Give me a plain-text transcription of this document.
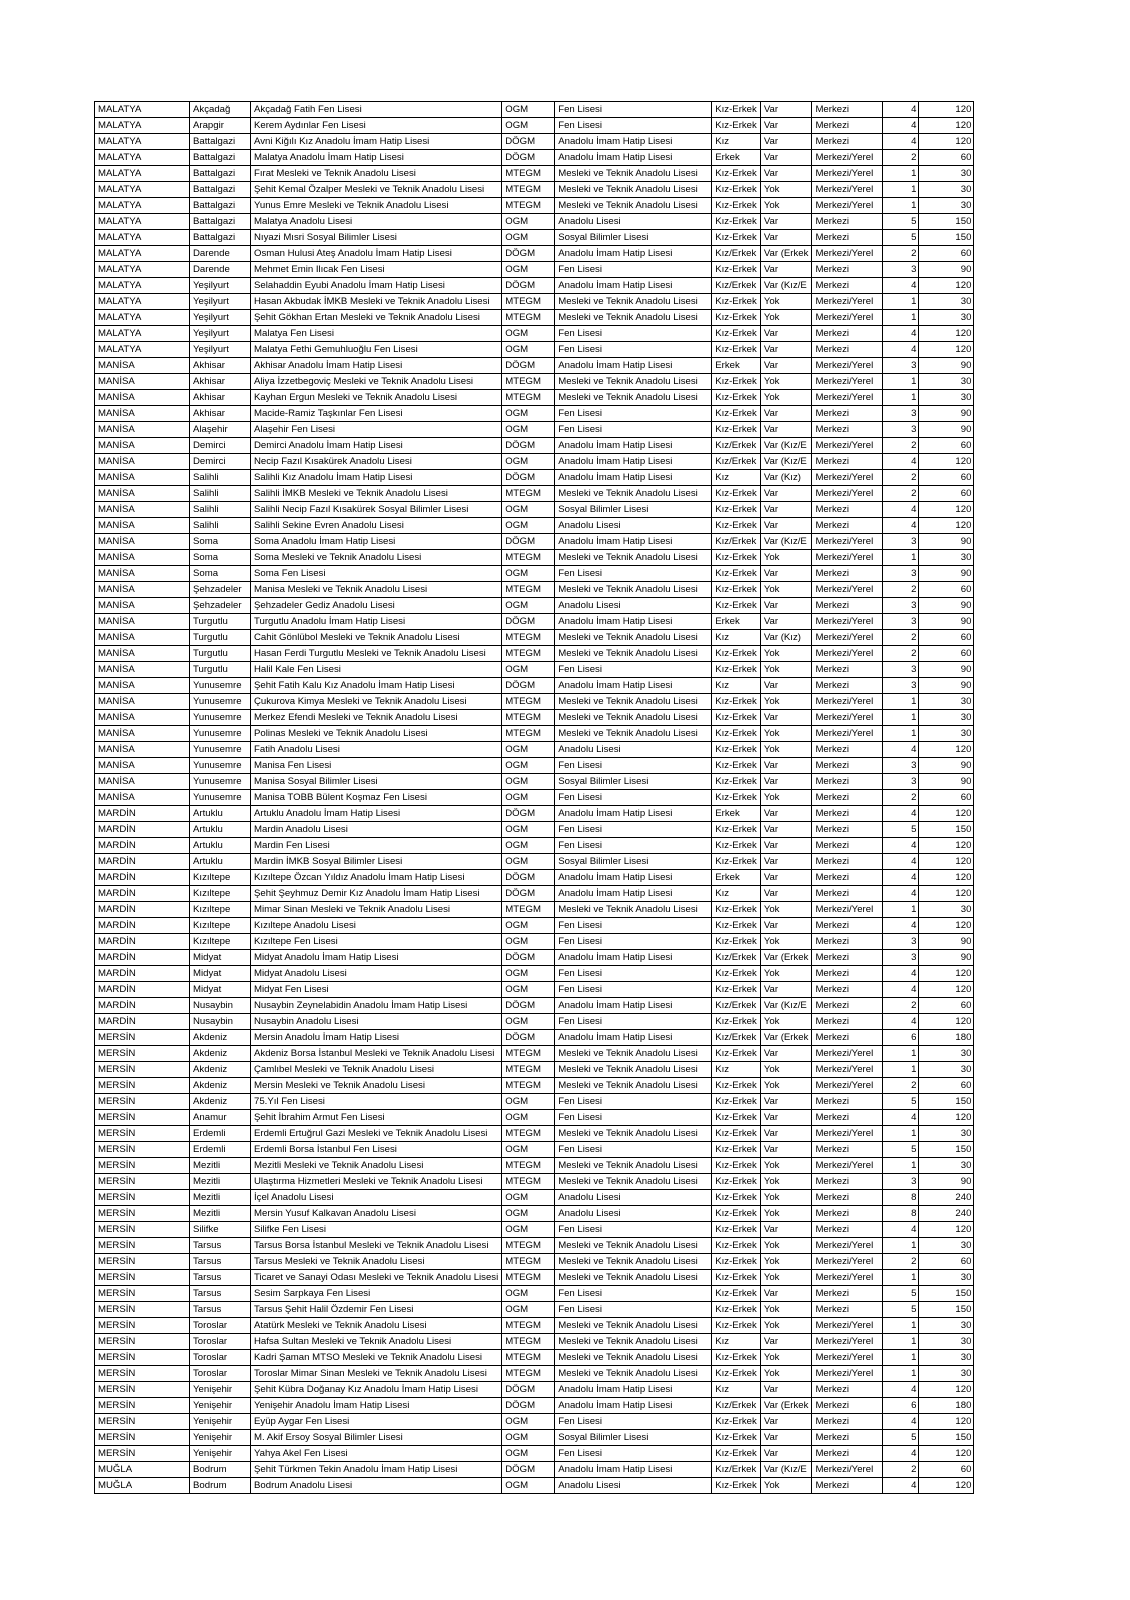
MALATYA	Akçadağ	Akçadağ Fatih Fen Lisesi	OGM	Fen Lisesi	Kız-Erkek	Var	Merkezi	4	120
MALATYA	Arapgir	Kerem Aydınlar Fen Lisesi	OGM	Fen Lisesi	Kız-Erkek	Var	Merkezi	4	120
MALATYA	Battalgazi	Avni Kiğılı Kız Anadolu İmam Hatip Lisesi	DÖGM	Anadolu İmam Hatip Lisesi	Kız	Var	Merkezi	4	120
MALATYA	Battalgazi	Malatya Anadolu İmam Hatip Lisesi	DÖGM	Anadolu İmam Hatip Lisesi	Erkek	Var	Merkezi/Yerel	2	60
MALATYA	Battalgazi	Fırat Mesleki ve Teknik Anadolu Lisesi	MTEGM	Mesleki ve Teknik Anadolu Lisesi	Kız-Erkek	Var	Merkezi/Yerel	1	30
MALATYA	Battalgazi	Şehit Kemal Özalper Mesleki ve Teknik Anadolu Lisesi	MTEGM	Mesleki ve Teknik Anadolu Lisesi	Kız-Erkek	Yok	Merkezi/Yerel	1	30
MALATYA	Battalgazi	Yunus Emre Mesleki ve Teknik Anadolu Lisesi	MTEGM	Mesleki ve Teknik Anadolu Lisesi	Kız-Erkek	Yok	Merkezi/Yerel	1	30
MALATYA	Battalgazi	Malatya Anadolu Lisesi	OGM	Anadolu Lisesi	Kız-Erkek	Var	Merkezi	5	150
MALATYA	Battalgazi	Nıyazi Mısri Sosyal Bilimler Lisesi	OGM	Sosyal Bilimler Lisesi	Kız-Erkek	Var	Merkezi	5	150
MALATYA	Darende	Osman Hulusi Ateş Anadolu İmam Hatip Lisesi	DÖGM	Anadolu İmam Hatip Lisesi	Kız/Erkek	Var (Erkek	Merkezi/Yerel	2	60
MALATYA	Darende	Mehmet Emin Ilıcak Fen Lisesi	OGM	Fen Lisesi	Kız-Erkek	Var	Merkezi	3	90
MALATYA	Yeşilyurt	Selahaddin Eyubi Anadolu İmam Hatip Lisesi	DÖGM	Anadolu İmam Hatip Lisesi	Kız/Erkek	Var (Kız/E	Merkezi	4	120
MALATYA	Yeşilyurt	Hasan Akbudak İMKB Mesleki ve Teknik Anadolu Lisesi	MTEGM	Mesleki ve Teknik Anadolu Lisesi	Kız-Erkek	Yok	Merkezi/Yerel	1	30
MALATYA	Yeşilyurt	Şehit Gökhan Ertan Mesleki ve Teknik Anadolu Lisesi	MTEGM	Mesleki ve Teknik Anadolu Lisesi	Kız-Erkek	Yok	Merkezi/Yerel	1	30
MALATYA	Yeşilyurt	Malatya Fen Lisesi	OGM	Fen Lisesi	Kız-Erkek	Var	Merkezi	4	120
MALATYA	Yeşilyurt	Malatya Fethi Gemuhluoğlu Fen Lisesi	OGM	Fen Lisesi	Kız-Erkek	Var	Merkezi	4	120
MANİSA	Akhisar	Akhisar Anadolu İmam Hatip Lisesi	DÖGM	Anadolu İmam Hatip Lisesi	Erkek	Var	Merkezi/Yerel	3	90
MANİSA	Akhisar	Aliya İzzetbegoviç Mesleki ve Teknik Anadolu Lisesi	MTEGM	Mesleki ve Teknik Anadolu Lisesi	Kız-Erkek	Yok	Merkezi/Yerel	1	30
MANİSA	Akhisar	Kayhan Ergun Mesleki ve Teknik Anadolu Lisesi	MTEGM	Mesleki ve Teknik Anadolu Lisesi	Kız-Erkek	Yok	Merkezi/Yerel	1	30
MANİSA	Akhisar	Macide-Ramiz Taşkınlar Fen Lisesi	OGM	Fen Lisesi	Kız-Erkek	Var	Merkezi	3	90
MANİSA	Alaşehir	Alaşehir Fen Lisesi	OGM	Fen Lisesi	Kız-Erkek	Var	Merkezi	3	90
MANİSA	Demirci	Demirci Anadolu İmam Hatip Lisesi	DÖGM	Anadolu İmam Hatip Lisesi	Kız/Erkek	Var (Kız/E	Merkezi/Yerel	2	60
MANİSA	Demirci	Necip Fazıl Kısakürek Anadolu Lisesi	OGM	Anadolu İmam Hatip Lisesi	Kız/Erkek	Var (Kız/E	Merkezi	4	120
MANİSA	Salihli	Salihli Kız Anadolu İmam Hatip Lisesi	DÖGM	Anadolu İmam Hatip Lisesi	Kız	Var (Kız)	Merkezi/Yerel	2	60
MANİSA	Salihli	Salihli İMKB Mesleki ve Teknik Anadolu Lisesi	MTEGM	Mesleki ve Teknik Anadolu Lisesi	Kız-Erkek	Var	Merkezi/Yerel	2	60
MANİSA	Salihli	Salihli Necip Fazıl Kısakürek Sosyal Bilimler Lisesi	OGM	Sosyal Bilimler Lisesi	Kız-Erkek	Var	Merkezi	4	120
MANİSA	Salihli	Salihli Sekine Evren Anadolu Lisesi	OGM	Anadolu Lisesi	Kız-Erkek	Var	Merkezi	4	120
MANİSA	Soma	Soma Anadolu İmam Hatip Lisesi	DÖGM	Anadolu İmam Hatip Lisesi	Kız/Erkek	Var (Kız/E	Merkezi/Yerel	3	90
MANİSA	Soma	Soma Mesleki ve Teknik Anadolu Lisesi	MTEGM	Mesleki ve Teknik Anadolu Lisesi	Kız-Erkek	Yok	Merkezi/Yerel	1	30
MANİSA	Soma	Soma Fen Lisesi	OGM	Fen Lisesi	Kız-Erkek	Var	Merkezi	3	90
MANİSA	Şehzadeler	Manisa Mesleki ve Teknik Anadolu Lisesi	MTEGM	Mesleki ve Teknik Anadolu Lisesi	Kız-Erkek	Yok	Merkezi/Yerel	2	60
MANİSA	Şehzadeler	Şehzadeler Gediz Anadolu Lisesi	OGM	Anadolu Lisesi	Kız-Erkek	Var	Merkezi	3	90
MANİSA	Turgutlu	Turgutlu Anadolu İmam Hatip Lisesi	DÖGM	Anadolu İmam Hatip Lisesi	Erkek	Var	Merkezi/Yerel	3	90
MANİSA	Turgutlu	Cahit Gönlübol Mesleki ve Teknik Anadolu Lisesi	MTEGM	Mesleki ve Teknik Anadolu Lisesi	Kız	Var (Kız)	Merkezi/Yerel	2	60
MANİSA	Turgutlu	Hasan Ferdi Turgutlu Mesleki ve Teknik Anadolu Lisesi	MTEGM	Mesleki ve Teknik Anadolu Lisesi	Kız-Erkek	Yok	Merkezi/Yerel	2	60
MANİSA	Turgutlu	Halil Kale Fen Lisesi	OGM	Fen Lisesi	Kız-Erkek	Yok	Merkezi	3	90
MANİSA	Yunusemre	Şehit Fatih Kalu Kız Anadolu İmam Hatip Lisesi	DÖGM	Anadolu İmam Hatip Lisesi	Kız	Var	Merkezi	3	90
MANİSA	Yunusemre	Çukurova Kimya Mesleki ve Teknik Anadolu Lisesi	MTEGM	Mesleki ve Teknik Anadolu Lisesi	Kız-Erkek	Yok	Merkezi/Yerel	1	30
MANİSA	Yunusemre	Merkez Efendi Mesleki ve Teknik Anadolu Lisesi	MTEGM	Mesleki ve Teknik Anadolu Lisesi	Kız-Erkek	Var	Merkezi/Yerel	1	30
MANİSA	Yunusemre	Polinas Mesleki ve Teknik Anadolu Lisesi	MTEGM	Mesleki ve Teknik Anadolu Lisesi	Kız-Erkek	Yok	Merkezi/Yerel	1	30
MANİSA	Yunusemre	Fatih Anadolu Lisesi	OGM	Anadolu Lisesi	Kız-Erkek	Yok	Merkezi	4	120
MANİSA	Yunusemre	Manisa Fen Lisesi	OGM	Fen Lisesi	Kız-Erkek	Var	Merkezi	3	90
MANİSA	Yunusemre	Manisa Sosyal Bilimler Lisesi	OGM	Sosyal Bilimler Lisesi	Kız-Erkek	Var	Merkezi	3	90
MANİSA	Yunusemre	Manisa TOBB Bülent Koşmaz Fen Lisesi	OGM	Fen Lisesi	Kız-Erkek	Yok	Merkezi	2	60
MARDİN	Artuklu	Artuklu Anadolu İmam Hatip Lisesi	DÖGM	Anadolu İmam Hatip Lisesi	Erkek	Var	Merkezi	4	120
MARDİN	Artuklu	Mardin Anadolu Lisesi	OGM	Fen Lisesi	Kız-Erkek	Var	Merkezi	5	150
MARDİN	Artuklu	Mardin Fen Lisesi	OGM	Fen Lisesi	Kız-Erkek	Var	Merkezi	4	120
MARDİN	Artuklu	Mardin İMKB Sosyal Bilimler Lisesi	OGM	Sosyal Bilimler Lisesi	Kız-Erkek	Var	Merkezi	4	120
MARDİN	Kızıltepe	Kızıltepe Özcan Yıldız Anadolu İmam Hatip Lisesi	DÖGM	Anadolu İmam Hatip Lisesi	Erkek	Var	Merkezi	4	120
MARDİN	Kızıltepe	Şehit Şeyhmuz Demir Kız Anadolu İmam Hatip Lisesi	DÖGM	Anadolu İmam Hatip Lisesi	Kız	Var	Merkezi	4	120
MARDİN	Kızıltepe	Mimar Sinan Mesleki ve Teknik Anadolu Lisesi	MTEGM	Mesleki ve Teknik Anadolu Lisesi	Kız-Erkek	Yok	Merkezi/Yerel	1	30
MARDİN	Kızıltepe	Kızıltepe Anadolu Lisesi	OGM	Fen Lisesi	Kız-Erkek	Var	Merkezi	4	120
MARDİN	Kızıltepe	Kızıltepe Fen Lisesi	OGM	Fen Lisesi	Kız-Erkek	Yok	Merkezi	3	90
MARDİN	Midyat	Midyat Anadolu İmam Hatip Lisesi	DÖGM	Anadolu İmam Hatip Lisesi	Kız/Erkek	Var (Erkek	Merkezi	3	90
MARDİN	Midyat	Midyat Anadolu Lisesi	OGM	Fen Lisesi	Kız-Erkek	Yok	Merkezi	4	120
MARDİN	Midyat	Midyat Fen Lisesi	OGM	Fen Lisesi	Kız-Erkek	Var	Merkezi	4	120
MARDİN	Nusaybin	Nusaybin Zeynelabidin Anadolu İmam Hatip Lisesi	DÖGM	Anadolu İmam Hatip Lisesi	Kız/Erkek	Var (Kız/E	Merkezi	2	60
MARDİN	Nusaybin	Nusaybin Anadolu Lisesi	OGM	Fen Lisesi	Kız-Erkek	Yok	Merkezi	4	120
MERSİN	Akdeniz	Mersin Anadolu İmam Hatip Lisesi	DÖGM	Anadolu İmam Hatip Lisesi	Kız/Erkek	Var (Erkek	Merkezi	6	180
MERSİN	Akdeniz	Akdeniz Borsa İstanbul Mesleki ve Teknik Anadolu Lisesi	MTEGM	Mesleki ve Teknik Anadolu Lisesi	Kız-Erkek	Var	Merkezi/Yerel	1	30
MERSİN	Akdeniz	Çamlıbel Mesleki ve Teknik Anadolu Lisesi	MTEGM	Mesleki ve Teknik Anadolu Lisesi	Kız	Yok	Merkezi/Yerel	1	30
MERSİN	Akdeniz	Mersin Mesleki ve Teknik Anadolu Lisesi	MTEGM	Mesleki ve Teknik Anadolu Lisesi	Kız-Erkek	Yok	Merkezi/Yerel	2	60
MERSİN	Akdeniz	75.Yıl Fen Lisesi	OGM	Fen Lisesi	Kız-Erkek	Var	Merkezi	5	150
MERSİN	Anamur	Şehit İbrahim Armut Fen Lisesi	OGM	Fen Lisesi	Kız-Erkek	Var	Merkezi	4	120
MERSİN	Erdemli	Erdemli Ertuğrul Gazi Mesleki ve Teknik Anadolu Lisesi	MTEGM	Mesleki ve Teknik Anadolu Lisesi	Kız-Erkek	Var	Merkezi/Yerel	1	30
MERSİN	Erdemli	Erdemli Borsa İstanbul Fen Lisesi	OGM	Fen Lisesi	Kız-Erkek	Var	Merkezi	5	150
MERSİN	Mezitli	Mezitli Mesleki ve Teknik Anadolu Lisesi	MTEGM	Mesleki ve Teknik Anadolu Lisesi	Kız-Erkek	Yok	Merkezi/Yerel	1	30
MERSİN	Mezitli	Ulaştırma Hizmetleri Mesleki ve Teknik Anadolu Lisesi	MTEGM	Mesleki ve Teknik Anadolu Lisesi	Kız-Erkek	Yok	Merkezi	3	90
MERSİN	Mezitli	İçel Anadolu Lisesi	OGM	Anadolu Lisesi	Kız-Erkek	Yok	Merkezi	8	240
MERSİN	Mezitli	Mersin Yusuf Kalkavan Anadolu Lisesi	OGM	Anadolu Lisesi	Kız-Erkek	Yok	Merkezi	8	240
MERSİN	Silifke	Silifke Fen Lisesi	OGM	Fen Lisesi	Kız-Erkek	Var	Merkezi	4	120
MERSİN	Tarsus	Tarsus Borsa İstanbul Mesleki ve Teknik Anadolu Lisesi	MTEGM	Mesleki ve Teknik Anadolu Lisesi	Kız-Erkek	Yok	Merkezi/Yerel	1	30
MERSİN	Tarsus	Tarsus Mesleki ve Teknik Anadolu Lisesi	MTEGM	Mesleki ve Teknik Anadolu Lisesi	Kız-Erkek	Yok	Merkezi/Yerel	2	60
MERSİN	Tarsus	Ticaret ve Sanayi Odası Mesleki ve Teknik Anadolu Lisesi	MTEGM	Mesleki ve Teknik Anadolu Lisesi	Kız-Erkek	Yok	Merkezi/Yerel	1	30
MERSİN	Tarsus	Sesim Sarpkaya Fen Lisesi	OGM	Fen Lisesi	Kız-Erkek	Var	Merkezi	5	150
MERSİN	Tarsus	Tarsus Şehit Halil Özdemir Fen Lisesi	OGM	Fen Lisesi	Kız-Erkek	Yok	Merkezi	5	150
MERSİN	Toroslar	Atatürk Mesleki ve Teknik Anadolu Lisesi	MTEGM	Mesleki ve Teknik Anadolu Lisesi	Kız-Erkek	Yok	Merkezi/Yerel	1	30
MERSİN	Toroslar	Hafsa Sultan Mesleki ve Teknik Anadolu Lisesi	MTEGM	Mesleki ve Teknik Anadolu Lisesi	Kız	Var	Merkezi/Yerel	1	30
MERSİN	Toroslar	Kadri Şaman MTSO Mesleki ve Teknik Anadolu Lisesi	MTEGM	Mesleki ve Teknik Anadolu Lisesi	Kız-Erkek	Yok	Merkezi/Yerel	1	30
MERSİN	Toroslar	Toroslar Mimar Sinan Mesleki ve Teknik Anadolu Lisesi	MTEGM	Mesleki ve Teknik Anadolu Lisesi	Kız-Erkek	Yok	Merkezi/Yerel	1	30
MERSİN	Yenişehir	Şehit Kübra Doğanay Kız Anadolu İmam Hatip Lisesi	DÖGM	Anadolu İmam Hatip Lisesi	Kız	Var	Merkezi	4	120
MERSİN	Yenişehir	Yenişehir Anadolu İmam Hatip Lisesi	DÖGM	Anadolu İmam Hatip Lisesi	Kız/Erkek	Var (Erkek	Merkezi	6	180
MERSİN	Yenişehir	Eyüp Aygar Fen Lisesi	OGM	Fen Lisesi	Kız-Erkek	Var	Merkezi	4	120
MERSİN	Yenişehir	M. Akif Ersoy Sosyal Bilimler Lisesi	OGM	Sosyal Bilimler Lisesi	Kız-Erkek	Var	Merkezi	5	150
MERSİN	Yenişehir	Yahya Akel Fen Lisesi	OGM	Fen Lisesi	Kız-Erkek	Var	Merkezi	4	120
MUĞLA	Bodrum	Şehit Türkmen Tekin Anadolu İmam Hatip Lisesi	DÖGM	Anadolu İmam Hatip Lisesi	Kız/Erkek	Var (Kız/E	Merkezi/Yerel	2	60
MUĞLA	Bodrum	Bodrum Anadolu Lisesi	OGM	Anadolu Lisesi	Kız-Erkek	Yok	Merkezi	4	120
